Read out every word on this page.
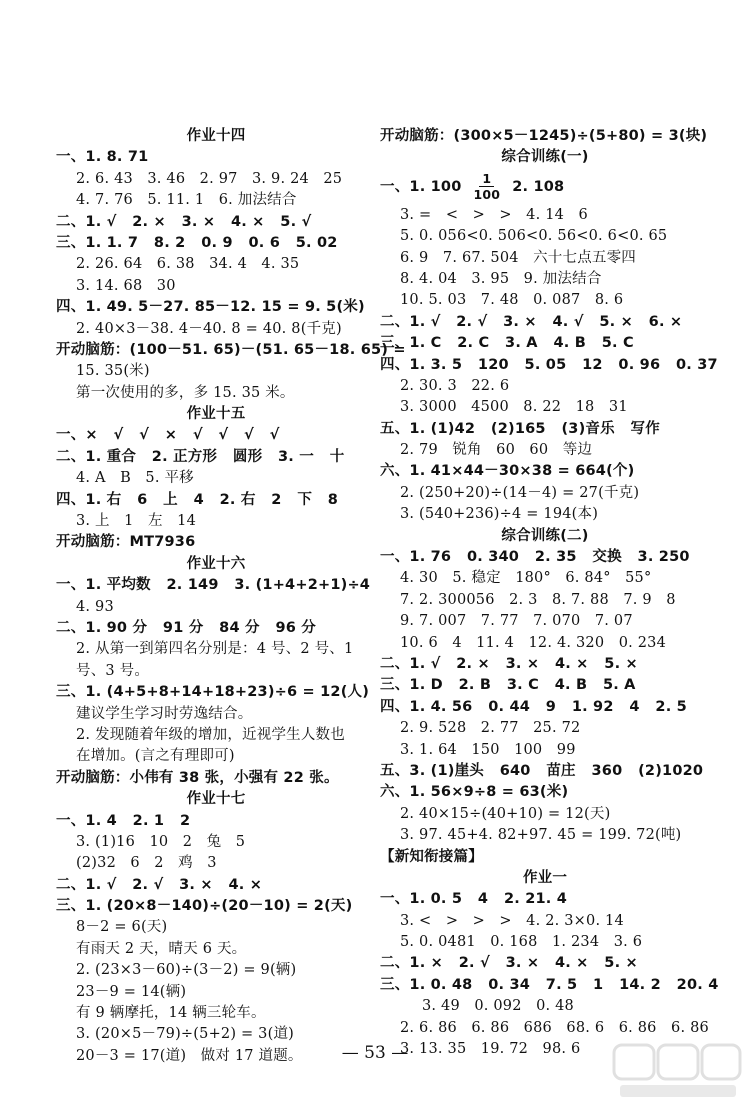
作业十四
一、1. 8. 71
2. 6. 43   3. 46   2. 97   3. 9. 24   25
4. 7. 76   5. 11. 1   6. 加法结合
二、1. √   2. ×   3. ×   4. ×   5. √
三、1. 1. 7   8. 2   0. 9   0. 6   5. 02
2. 26. 64   6. 38   34. 4   4. 35
3. 14. 68   30
四、1. 49. 5－27. 85－12. 15 = 9. 5(米)
2. 40×3－38. 4－40. 8 = 40. 8(千克)
开动脑筋：(100－51. 65)－(51. 65－18. 65) =
15. 35(米)
第一次使用的多，多 15. 35 米。
作业十五
一、×   √   √   ×   √   √   √   √
二、1. 重合   2. 正方形   圆形   3. 一   十
4. A   B   5. 平移
四、1. 右   6   上   4   2. 右   2   下   8
3. 上   1   左   14
开动脑筋：MT7936
作业十六
一、1. 平均数   2. 149   3. (1+4+2+1)÷4
4. 93
二、1. 90 分   91 分   84 分   96 分
2. 从第一到第四名分别是：4 号、2 号、1
号、3 号。
三、1. (4+5+8+14+18+23)÷6 = 12(人)
建议学生学习时劳逸结合。
2. 发现随着年级的增加，近视学生人数也
在增加。(言之有理即可)
开动脑筋：小伟有 38 张，小强有 22 张。
作业十七
一、1. 4   2. 1   2
3. (1)16   10   2   兔   5
(2)32   6   2   鸡   3
二、1. √   2. √   3. ×   4. ×
三、1. (20×8－140)÷(20－10) = 2(天)
8－2 = 6(天)
有雨天 2 天，晴天 6 天。
2. (23×3－60)÷(3－2) = 9(辆)
23－9 = 14(辆)
有 9 辆摩托，14 辆三轮车。
3. (20×5－79)÷(5+2) = 3(道)
20－3 = 17(道)   做对 17 道题。
开动脑筋：(300×5－1245)÷(5+80) = 3(块)
综合训练(一)
一、1. $100 \frac{1}{100} 2$. 108
3. =   <   >   >   4. 14   6
5. 0. 056<0. 506<0. 56<0. 6<0. 65
6. 9   7. 67. 504   六十七点五零四
8. 4. 04   3. 95   9. 加法结合
10. 5. 03   7. 48   0. 087   8. 6
二、1. √   2. √   3. ×   4. √   5. ×   6. ×
三、1. C   2. C   3. A   4. B   5. C
四、1. 3. 5   120   5. 05   12   0. 96   0. 37
2. 30. 3   22. 6
3. 3000   4500   8. 22   18   31
五、1. (1)42   (2)165   (3)音乐   写作
2. 79   锐角   60   60   等边
六、1. 41×44－30×38 = 664(个)
2. (250+20)÷(14－4) = 27(千克)
3. (540+236)÷4 = 194(本)
综合训练(二)
一、1. 76   0. 340   2. 35   交换   3. 250
4. 30   5. 稳定   180°   6. 84°   55°
7. 2. 300056   2. 3   8. 7. 88   7. 9   8
9. 7. 007   7. 77   7. 070   7. 07
10. 6   4   11. 4   12. 4. 320   0. 234
二、1. √   2. ×   3. ×   4. ×   5. ×
三、1. D   2. B   3. C   4. B   5. A
四、1. 4. 56   0. 44   9   1. 92   4   2. 5
2. 9. 528   2. 77   25. 72
3. 1. 64   150   100   99
五、3. (1)崖头   640   苗庄   360   (2)1020
六、1. 56×9÷8 = 63(米)
2. 40×15÷(40+10) = 12(天)
3. 97. 45+4. 82+97. 45 = 199. 72(吨)
【新知衔接篇】
作业一
一、1. 0. 5   4   2. 21. 4
3. <   >   >   >   4. 2. 3×0. 14
5. 0. 0481   0. 168   1. 234   3. 6
二、1. ×   2. √   3. ×   4. ×   5. ×
三、1. 0. 48   0. 34   7. 5   1   14. 2   20. 4
3. 49   0. 092   0. 48
2. 6. 86   6. 86   686   68. 6   6. 86   6. 86
3. 13. 35   19. 72   98. 6
— 53 —
